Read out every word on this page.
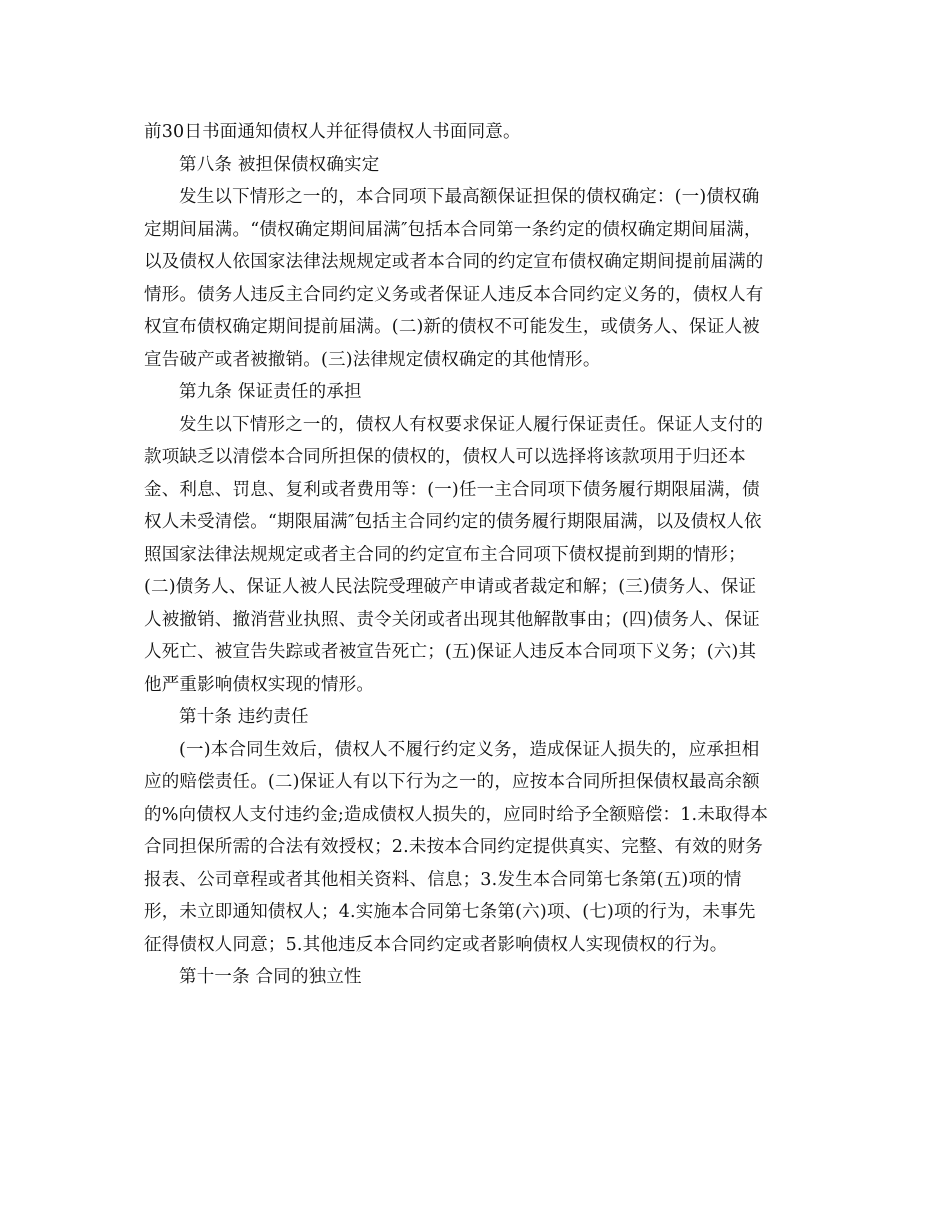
前30日书面通知债权人并征得债权人书面同意。
第八条 被担保债权确实定
发生以下情形之一的，本合同项下最高额保证担保的债权确定：(一)债权确
定期间届满。“债权确定期间届满″包括本合同第一条约定的债权确定期间届满，
以及债权人依国家法律法规规定或者本合同的约定宣布债权确定期间提前届满的
情形。债务人违反主合同约定义务或者保证人违反本合同约定义务的，债权人有
权宣布债权确定期间提前届满。(二)新的债权不可能发生，或债务人、保证人被
宣告破产或者被撤销。(三)法律规定债权确定的其他情形。
第九条 保证责任的承担
发生以下情形之一的，债权人有权要求保证人履行保证责任。保证人支付的
款项缺乏以清偿本合同所担保的债权的，债权人可以选择将该款项用于归还本
金、利息、罚息、复利或者费用等：(一)任一主合同项下债务履行期限届满，债
权人未受清偿。“期限届满″包括主合同约定的债务履行期限届满，以及债权人依
照国家法律法规规定或者主合同的约定宣布主合同项下债权提前到期的情形；
(二)债务人、保证人被人民法院受理破产申请或者裁定和解；(三)债务人、保证
人被撤销、撤消营业执照、责令关闭或者出现其他解散事由；(四)债务人、保证
人死亡、被宣告失踪或者被宣告死亡；(五)保证人违反本合同项下义务；(六)其
他严重影响债权实现的情形。
第十条 违约责任
(一)本合同生效后，债权人不履行约定义务，造成保证人损失的，应承担相
应的赔偿责任。(二)保证人有以下行为之一的，应按本合同所担保债权最高余额
的%向债权人支付违约金;造成债权人损失的，应同时给予全额赔偿：1.未取得本
合同担保所需的合法有效授权；2.未按本合同约定提供真实、完整、有效的财务
报表、公司章程或者其他相关资料、信息；3.发生本合同第七条第(五)项的情
形，未立即通知债权人；4.实施本合同第七条第(六)项、(七)项的行为，未事先
征得债权人同意；5.其他违反本合同约定或者影响债权人实现债权的行为。
第十一条 合同的独立性
